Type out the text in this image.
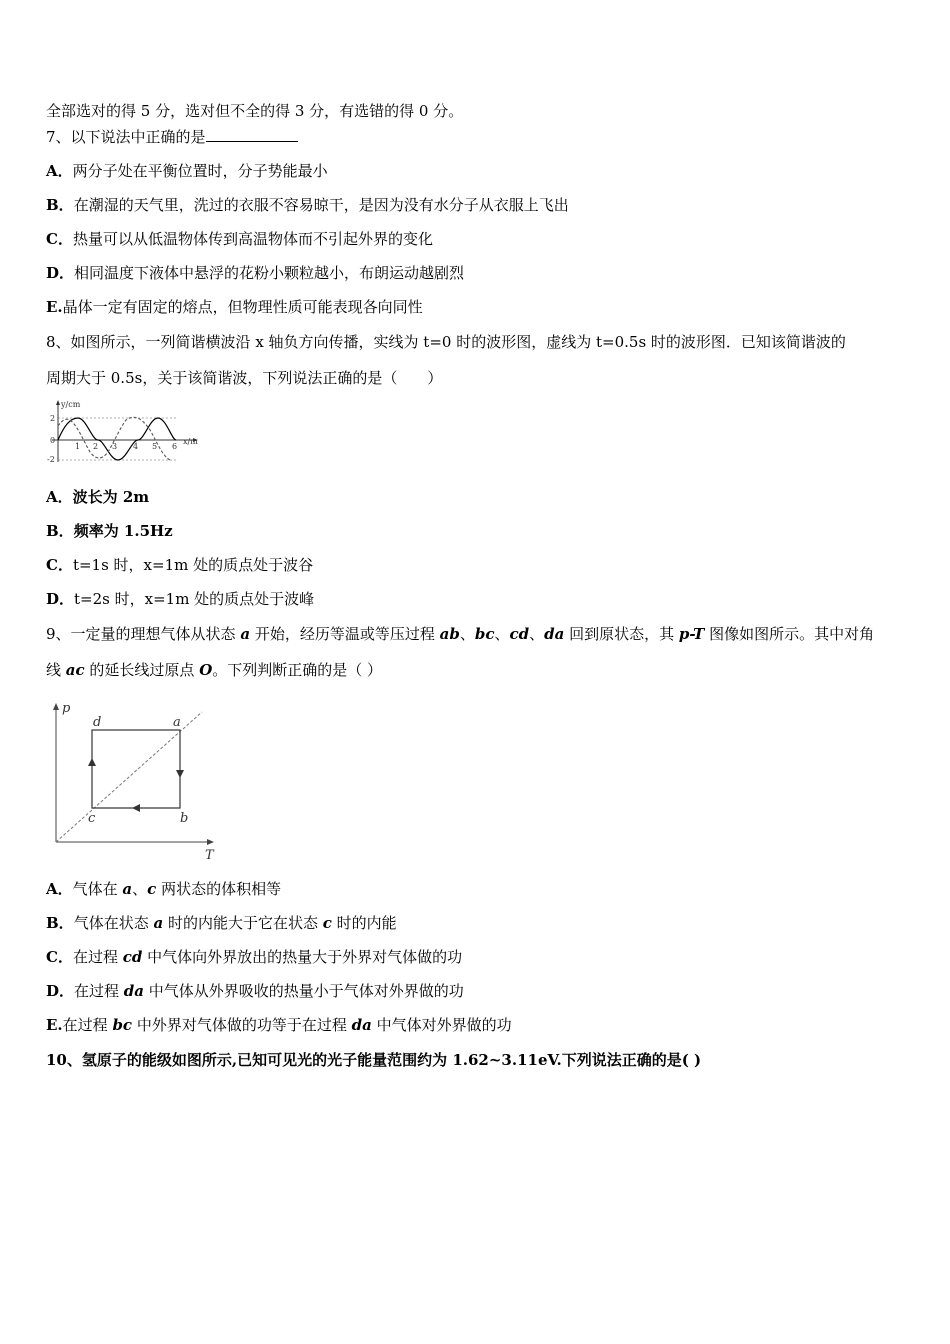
全部选对的得 5 分，选对但不全的得 3 分，有选错的得 0 分。
7、以下说法中正确的是
A．两分子处在平衡位置时，分子势能最小
B．在潮湿的天气里，洗过的衣服不容易晾干，是因为没有水分子从衣服上飞出
C．热量可以从低温物体传到高温物体而不引起外界的变化
D．相同温度下液体中悬浮的花粉小颗粒越小，布朗运动越剧烈
E.晶体一定有固定的熔点，但物理性质可能表现各向同性
8、如图所示，一列简谐横波沿 x 轴负方向传播，实线为 t=0 时的波形图，虚线为 t=0.5s 时的波形图．已知该简谐波的
周期大于 0.5s，关于该简谐波，下列说法正确的是（　　）
y/cm
x/m
2
0
-2
1 2 3 4 5 6
A．波长为 2m
B．频率为 1.5Hz
C．t=1s 时，x=1m 处的质点处于波谷
D．t=2s 时，x=1m 处的质点处于波峰
9、一定量的理想气体从状态 a 开始，经历等温或等压过程 ab、bc、cd、da 回到原状态，其 p-T 图像如图所示。其中对角
线 ac 的延长线过原点 O。下列判断正确的是（ ）
p
T
d	a
c	b
A．气体在 a、c 两状态的体积相等
B．气体在状态 a 时的内能大于它在状态 c 时的内能
C．在过程 cd 中气体向外界放出的热量大于外界对气体做的功
D．在过程 da 中气体从外界吸收的热量小于气体对外界做的功
E.在过程 bc 中外界对气体做的功等于在过程 da 中气体对外界做的功
10、氢原子的能级如图所示,已知可见光的光子能量范围约为 1.62~3.11eV.下列说法正确的是( )
